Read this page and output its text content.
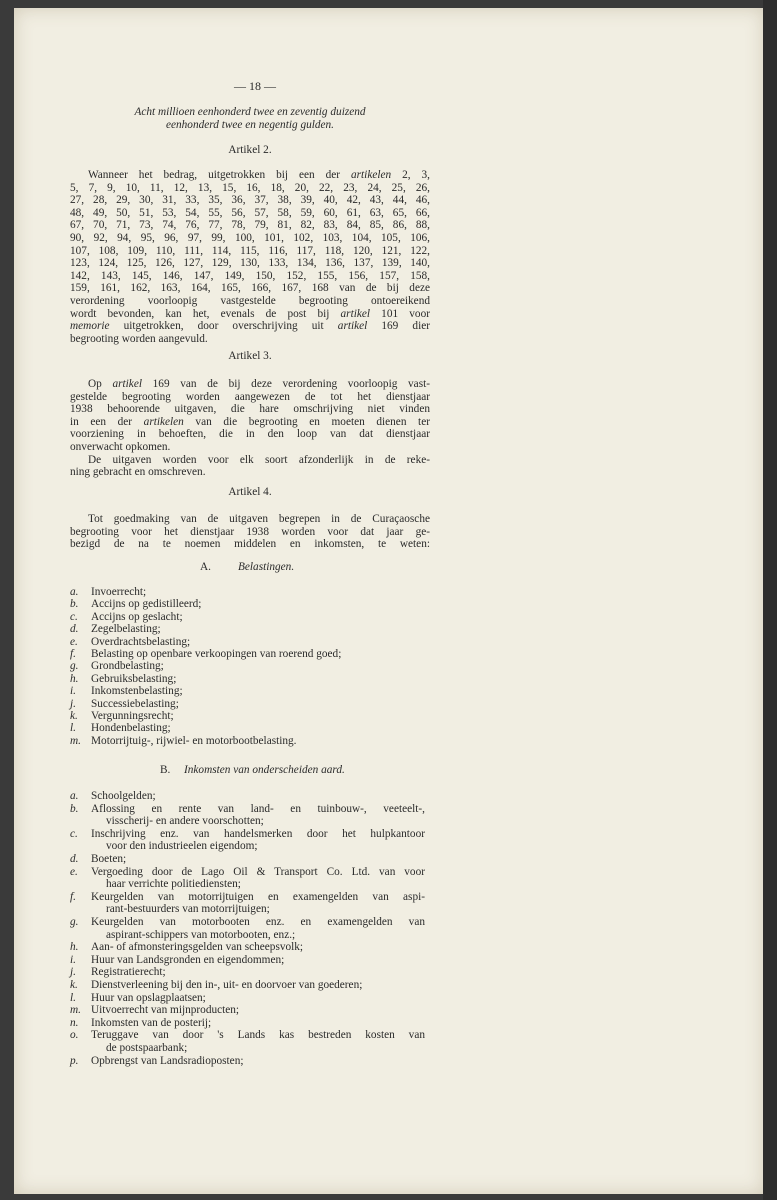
— 18 —
Acht millioen eenhonderd twee en zeventig duizend
eenhonderd twee en negentig gulden.
Artikel 2.
Wanneer het bedrag, uitgetrokken bij een der artikelen 2, 3,
5, 7, 9, 10, 11, 12, 13, 15, 16, 18, 20, 22, 23, 24, 25, 26,
27, 28, 29, 30, 31, 33, 35, 36, 37, 38, 39, 40, 42, 43, 44, 46,
48, 49, 50, 51, 53, 54, 55, 56, 57, 58, 59, 60, 61, 63, 65, 66,
67, 70, 71, 73, 74, 76, 77, 78, 79, 81, 82, 83, 84, 85, 86, 88,
90, 92, 94, 95, 96, 97, 99, 100, 101, 102, 103, 104, 105, 106,
107, 108, 109, 110, 111, 114, 115, 116, 117, 118, 120, 121, 122,
123, 124, 125, 126, 127, 129, 130, 133, 134, 136, 137, 139, 140,
142, 143, 145, 146, 147, 149, 150, 152, 155, 156, 157, 158,
159, 161, 162, 163, 164, 165, 166, 167, 168 van de bij deze
verordening voorloopig vastgestelde begrooting ontoereikend
wordt bevonden, kan het, evenals de post bij artikel 101 voor
memorie uitgetrokken, door overschrijving uit artikel 169 dier
begrooting worden aangevuld.
Artikel 3.
Op artikel 169 van de bij deze verordening voorloopig vast-
gestelde begrooting worden aangewezen de tot het dienstjaar
1938 behoorende uitgaven, die hare omschrijving niet vinden
in een der artikelen van die begrooting en moeten dienen ter
voorziening in behoeften, die in den loop van dat dienstjaar
onverwacht opkomen.
De uitgaven worden voor elk soort afzonderlijk in de reke-
ning gebracht en omschreven.
Artikel 4.
Tot goedmaking van de uitgaven begrepen in de Curaçaosche
begrooting voor het dienstjaar 1938 worden voor dat jaar ge-
bezigd de na te noemen middelen en inkomsten, te weten:
A. Belastingen.
a.	Invoerrecht;
b.	Accijns op gedistilleerd;
c.	Accijns op geslacht;
d.	Zegelbelasting;
e.	Overdrachtsbelasting;
f.	Belasting op openbare verkoopingen van roerend goed;
g.	Grondbelasting;
h.	Gebruiksbelasting;
i.	Inkomstenbelasting;
j.	Successiebelasting;
k.	Vergunningsrecht;
l.	Hondenbelasting;
m. Motorrijtuig-, rijwiel- en motorbootbelasting.
B. Inkomsten van onderscheiden aard.
a.	Schoolgelden;
b.	Aflossing en rente van land- en tuinbouw-, veeteelt-,
visscherij- en andere voorschotten;
c.	Inschrijving enz. van handelsmerken door het hulpkantoor
voor den industrieelen eigendom;
d.	Boeten;
e.	Vergoeding door de Lago Oil & Transport Co. Ltd. van voor
haar verrichte politiediensten;
f.	Keurgelden van motorrijtuigen en examengelden van aspi-
rant-bestuurders van motorrijtuigen;
g.	Keurgelden van motorbooten enz. en examengelden van
aspirant-schippers van motorbooten, enz.;
h.	Aan- of afmonsteringsgelden van scheepsvolk;
i.	Huur van Landsgronden en eigendommen;
j.	Registratierecht;
k.	Dienstverleening bij den in-, uit- en doorvoer van goederen;
l.	Huur van opslagplaatsen;
m. Uitvoerrecht van mijnproducten;
n.	Inkomsten van de posterij;
o.	Teruggave van door 's Lands kas bestreden kosten van
de postspaarbank;
p.	Opbrengst van Landsradioposten;
